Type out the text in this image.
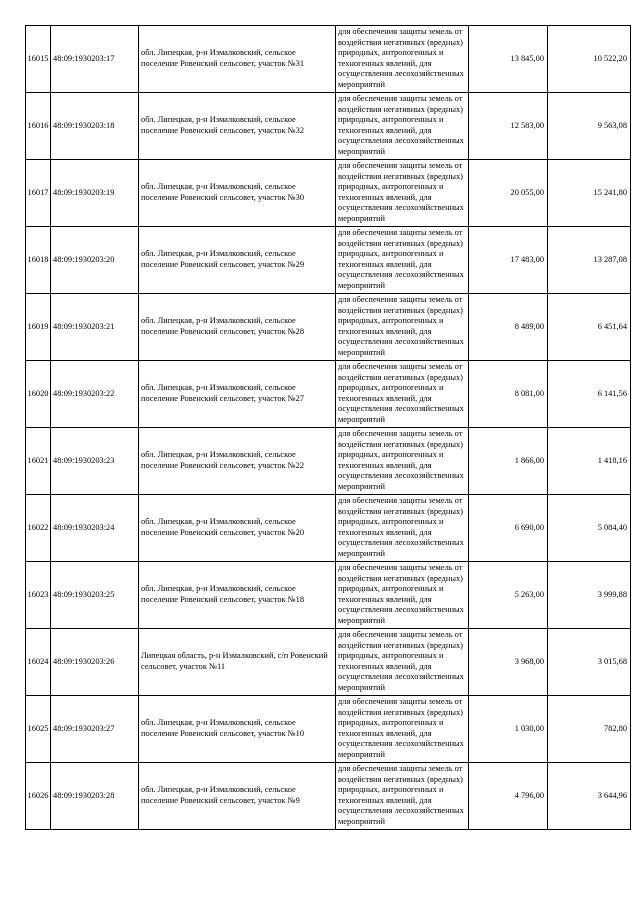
16015	48:09:1930203:17	обл. Липецкая, р-н Измалковский, сельское поселение Ровенский сельсовет, участок №31	для обеспечения защиты земель от воздействия негативных (вредных) природных, антропогенных и техногенных явлений, для осуществления лесохозяйственных мероприятий	13 845,00	10 522,20
16016	48:09:1930203:18	обл. Липецкая, р-н Измалковский, сельское поселение Ровенский сельсовет, участок №32	для обеспечения защиты земель от воздействия негативных (вредных) природных, антропогенных и техногенных явлений, для осуществления лесохозяйственных мероприятий	12 583,00	9 563,08
16017	48:09:1930203:19	обл. Липецкая, р-н Измалковский, сельское поселение Ровенский сельсовет, участок №30	для обеспечения защиты земель от воздействия негативных (вредных) природных, антропогенных и техногенных явлений, для осуществления лесохозяйственных мероприятий	20 055,00	15 241,80
16018	48:09:1930203:20	обл. Липецкая, р-н Измалковский, сельское поселение Ровенский сельсовет, участок №29	для обеспечения защиты земель от воздействия негативных (вредных) природных, антропогенных и техногенных явлений, для осуществления лесохозяйственных мероприятий	17 483,00	13 287,08
16019	48:09:1930203:21	обл. Липецкая, р-н Измалковский, сельское поселение Ровенский сельсовет, участок №28	для обеспечения защиты земель от воздействия негативных (вредных) природных, антропогенных и техногенных явлений, для осуществления лесохозяйственных мероприятий	8 489,00	6 451,64
16020	48:09:1930203:22	обл. Липецкая, р-н Измалковский, сельское поселение Ровенский сельсовет, участок №27	для обеспечения защиты земель от воздействия негативных (вредных) природных, антропогенных и техногенных явлений, для осуществления лесохозяйственных мероприятий	8 081,00	6 141,56
16021	48:09:1930203:23	обл. Липецкая, р-н Измалковский, сельское поселение Ровенский сельсовет, участок №22	для обеспечения защиты земель от воздействия негативных (вредных) природных, антропогенных и техногенных явлений, для осуществления лесохозяйственных мероприятий	1 866,00	1 418,16
16022	48:09:1930203:24	обл. Липецкая, р-н Измалковский, сельское поселение Ровенский сельсовет, участок №20	для обеспечения защиты земель от воздействия негативных (вредных) природных, антропогенных и техногенных явлений, для осуществления лесохозяйственных мероприятий	6 690,00	5 084,40
16023	48:09:1930203:25	обл. Липецкая, р-н Измалковский, сельское поселение Ровенский сельсовет, участок №18	для обеспечения защиты земель от воздействия негативных (вредных) природных, антропогенных и техногенных явлений, для осуществления лесохозяйственных мероприятий	5 263,00	3 999,88
16024	48:09:1930203:26	Липецкая область, р-н Измалковский, с/п Ровенский сельсовет, участок №11	для обеспечения защиты земель от воздействия негативных (вредных) природных, антропогенных и техногенных явлений, для осуществления лесохозяйственных мероприятий	3 968,00	3 015,68
16025	48:09:1930203:27	обл. Липецкая, р-н Измалковский, сельское поселение Ровенский сельсовет, участок №10	для обеспечения защиты земель от воздействия негативных (вредных) природных, антропогенных и техногенных явлений, для осуществления лесохозяйственных мероприятий	1 030,00	782,80
16026	48:09:1930203:28	обл. Липецкая, р-н Измалковский, сельское поселение Ровенский сельсовет, участок №9	для обеспечения защиты земель от воздействия негативных (вредных) природных, антропогенных и техногенных явлений, для осуществления лесохозяйственных мероприятий	4 796,00	3 644,96
